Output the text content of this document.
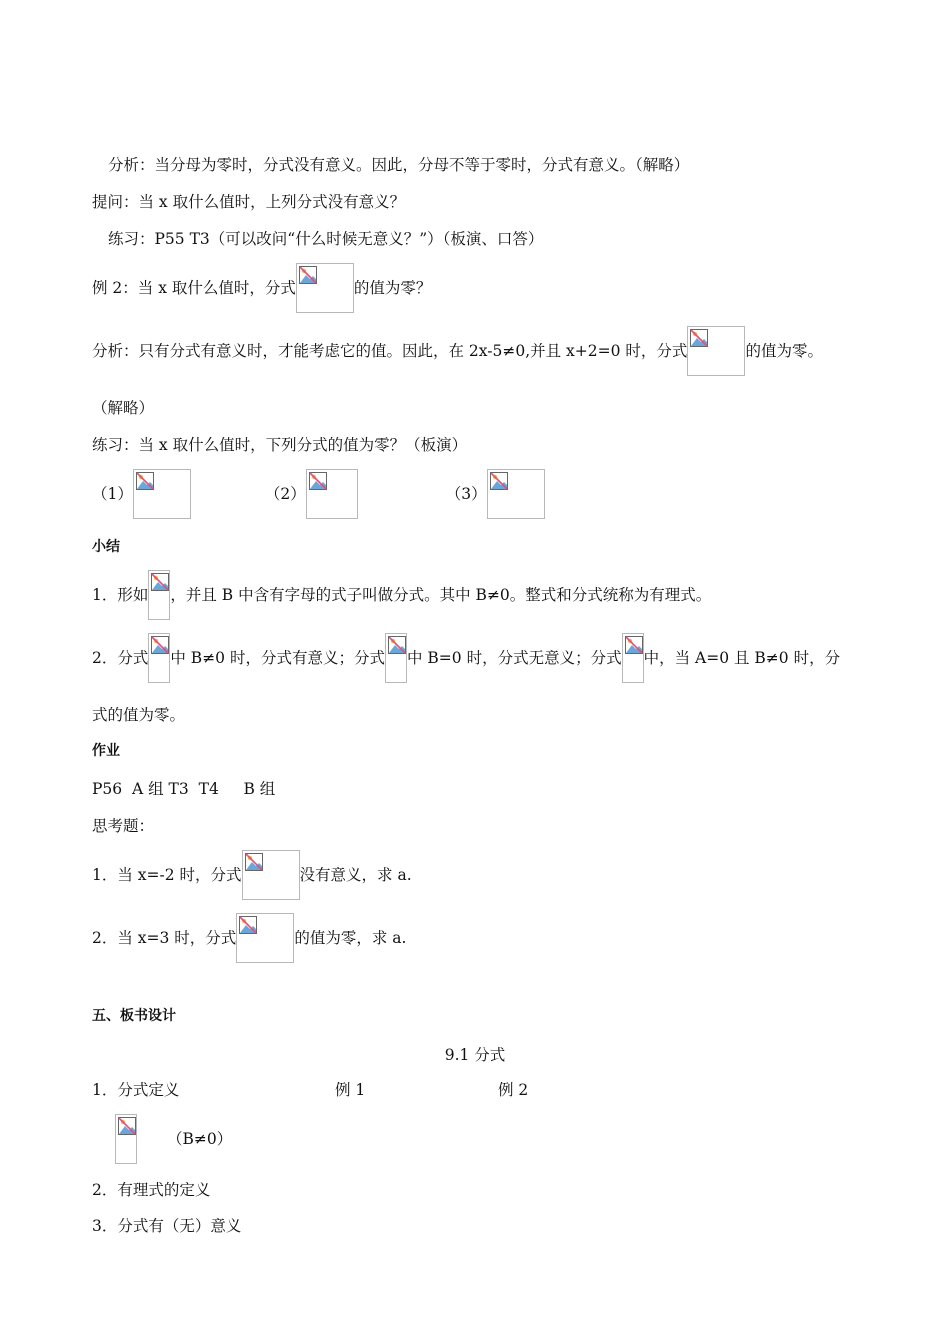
分析：当分母为零时，分式没有意义。因此，分母不等于零时，分式有意义。（解略）
提问：当 x 取什么值时，上列分式没有意义？
练习：P55 T3（可以改问“什么时候无意义？”）（板演、口答）
例 2：当 x 取什么值时，分式	的值为零？
分析：只有分式有意义时，才能考虑它的值。因此，在 2x-5≠0,并且 x+2=0 时，分式	的值为零。
（解略）
练习：当 x 取什么值时，下列分式的值为零？（板演）
（1）	（2）	（3）
小结
1．形如 ，并且 B 中含有字母的式子叫做分式。其中 B≠0。整式和分式统称为有理式。
2．分式 中 B≠0 时，分式有意义；分式 中 B=0 时，分式无意义；分式 中，当 A=0 且 B≠0 时，分
式的值为零。
作业
P56  A 组 T3  T4     B 组
思考题：
1．当 x=-2 时，分式	没有意义，求 a.
2．当 x=3 时，分式	的值为零，求 a.
五、板书设计
9.1 分式
1．分式定义	例 1	例 2
（B≠0）
2．有理式的定义
3．分式有（无）意义
